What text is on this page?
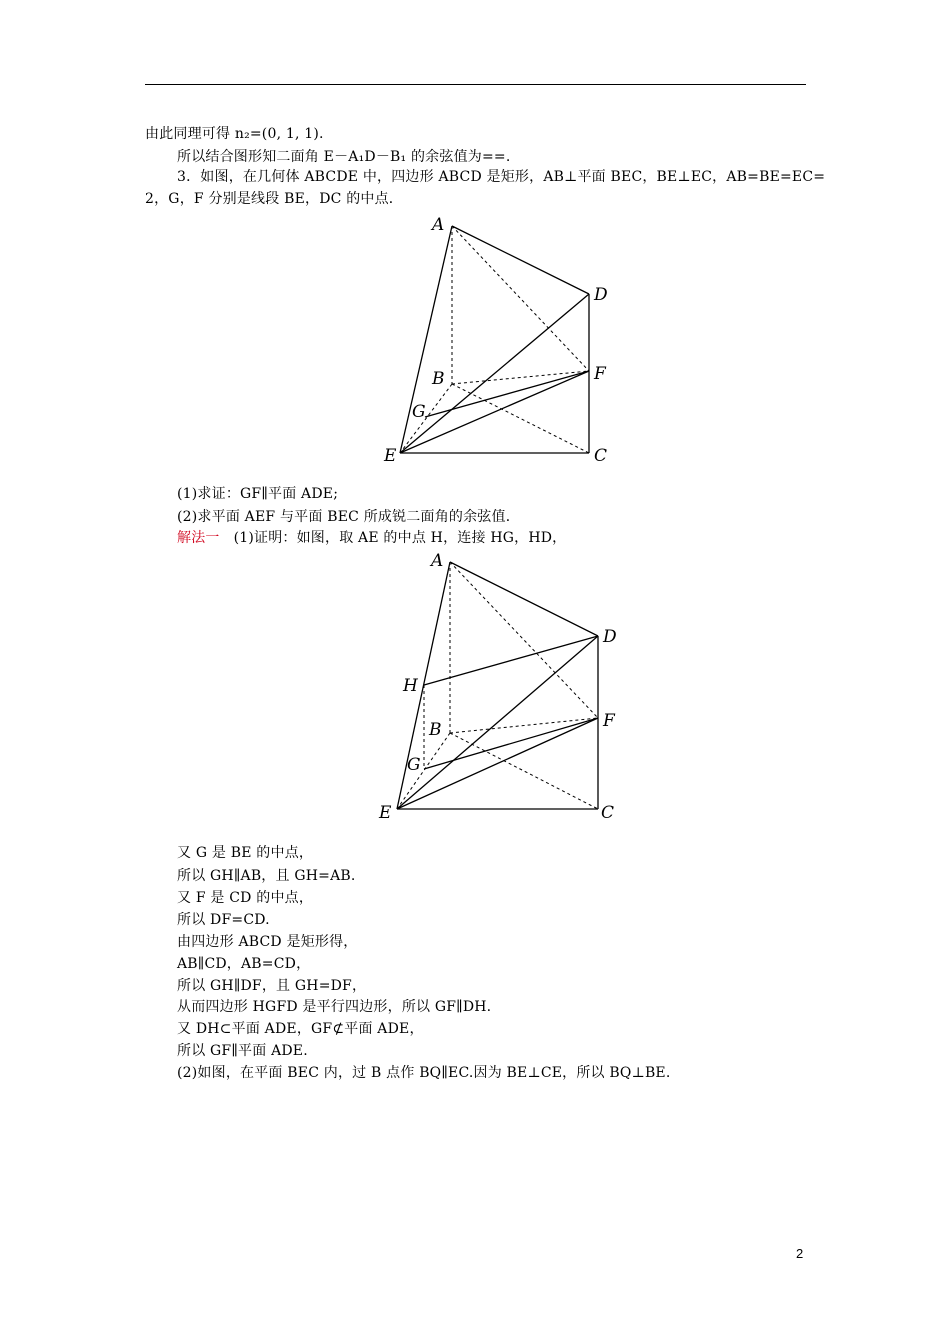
由此同理可得 n₂=(0, 1, 1).
所以结合图形知二面角 E－A₁D－B₁ 的余弦值为==.
3．如图，在几何体 ABCDE 中，四边形 ABCD 是矩形，AB⊥平面 BEC，BE⊥EC，AB=BE=EC=
2，G，F 分别是线段 BE，DC 的中点．
A
D
B	F
G
E	C
(1)求证：GF∥平面 ADE;
(2)求平面 AEF 与平面 BEC 所成锐二面角的余弦值．
解法一 (1)证明：如图，取 AE 的中点 H，连接 HG，HD，
A
D
H
B	F
G
E	C
又 G 是 BE 的中点，
所以 GH∥AB，且 GH=AB.
又 F 是 CD 的中点，
所以 DF=CD.
由四边形 ABCD 是矩形得，
AB∥CD，AB=CD，
所以 GH∥DF，且 GH=DF，
从而四边形 HGFD 是平行四边形，所以 GF∥DH.
又 DH⊂平面 ADE，GF⊄平面 ADE，
所以 GF∥平面 ADE.
(2)如图，在平面 BEC 内，过 B 点作 BQ∥EC.因为 BE⊥CE，所以 BQ⊥BE.
2
